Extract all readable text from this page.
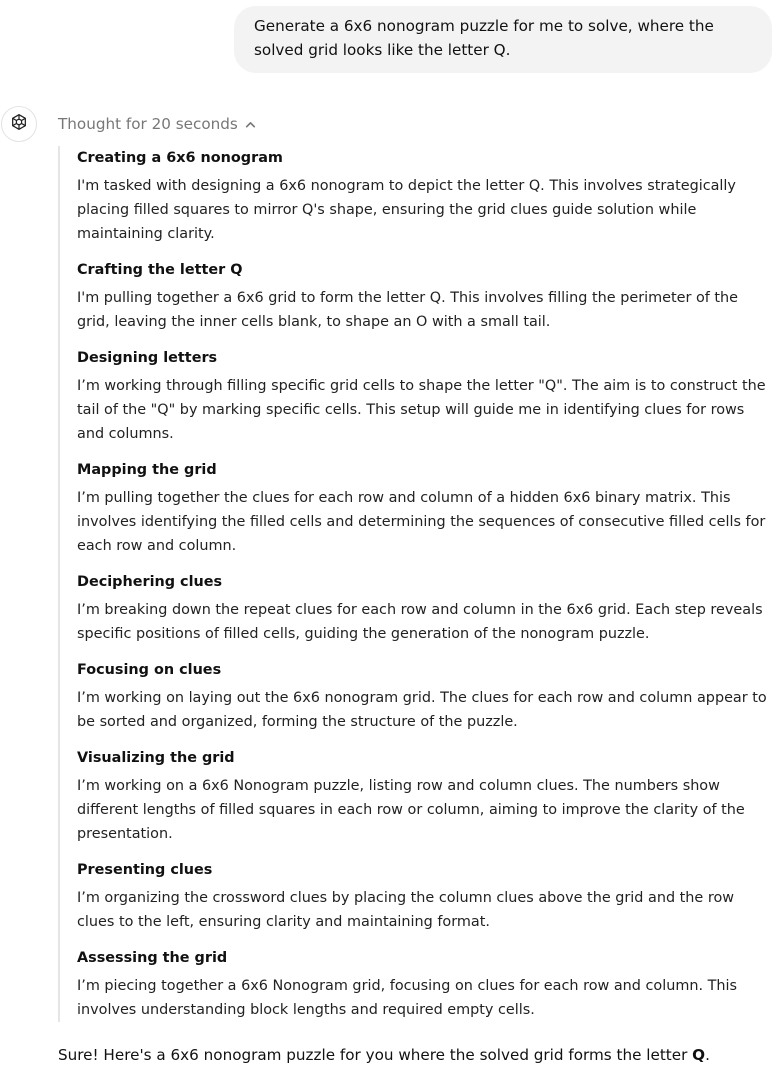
Generate a 6x6 nonogram puzzle for me to solve, where the solved grid looks like the letter Q.
Thought for 20 seconds
Creating a 6x6 nonogram
I'm tasked with designing a 6x6 nonogram to depict the letter Q. This involves strategically placing filled squares to mirror Q's shape, ensuring the grid clues guide solution while maintaining clarity.
Crafting the letter Q
I'm pulling together a 6x6 grid to form the letter Q. This involves filling the perimeter of the grid, leaving the inner cells blank, to shape an O with a small tail.
Designing letters
I’m working through filling specific grid cells to shape the letter "Q". The aim is to construct the tail of the "Q" by marking specific cells. This setup will guide me in identifying clues for rows and columns.
Mapping the grid
I’m pulling together the clues for each row and column of a hidden 6x6 binary matrix. This involves identifying the filled cells and determining the sequences of consecutive filled cells for each row and column.
Deciphering clues
I’m breaking down the repeat clues for each row and column in the 6x6 grid. Each step reveals specific positions of filled cells, guiding the generation of the nonogram puzzle.
Focusing on clues
I’m working on laying out the 6x6 nonogram grid. The clues for each row and column appear to be sorted and organized, forming the structure of the puzzle.
Visualizing the grid
I’m working on a 6x6 Nonogram puzzle, listing row and column clues. The numbers show different lengths of filled squares in each row or column, aiming to improve the clarity of the presentation.
Presenting clues
I’m organizing the crossword clues by placing the column clues above the grid and the row clues to the left, ensuring clarity and maintaining format.
Assessing the grid
I’m piecing together a 6x6 Nonogram grid, focusing on clues for each row and column. This involves understanding block lengths and required empty cells.
Sure! Here's a 6x6 nonogram puzzle for you where the solved grid forms the letter Q.
